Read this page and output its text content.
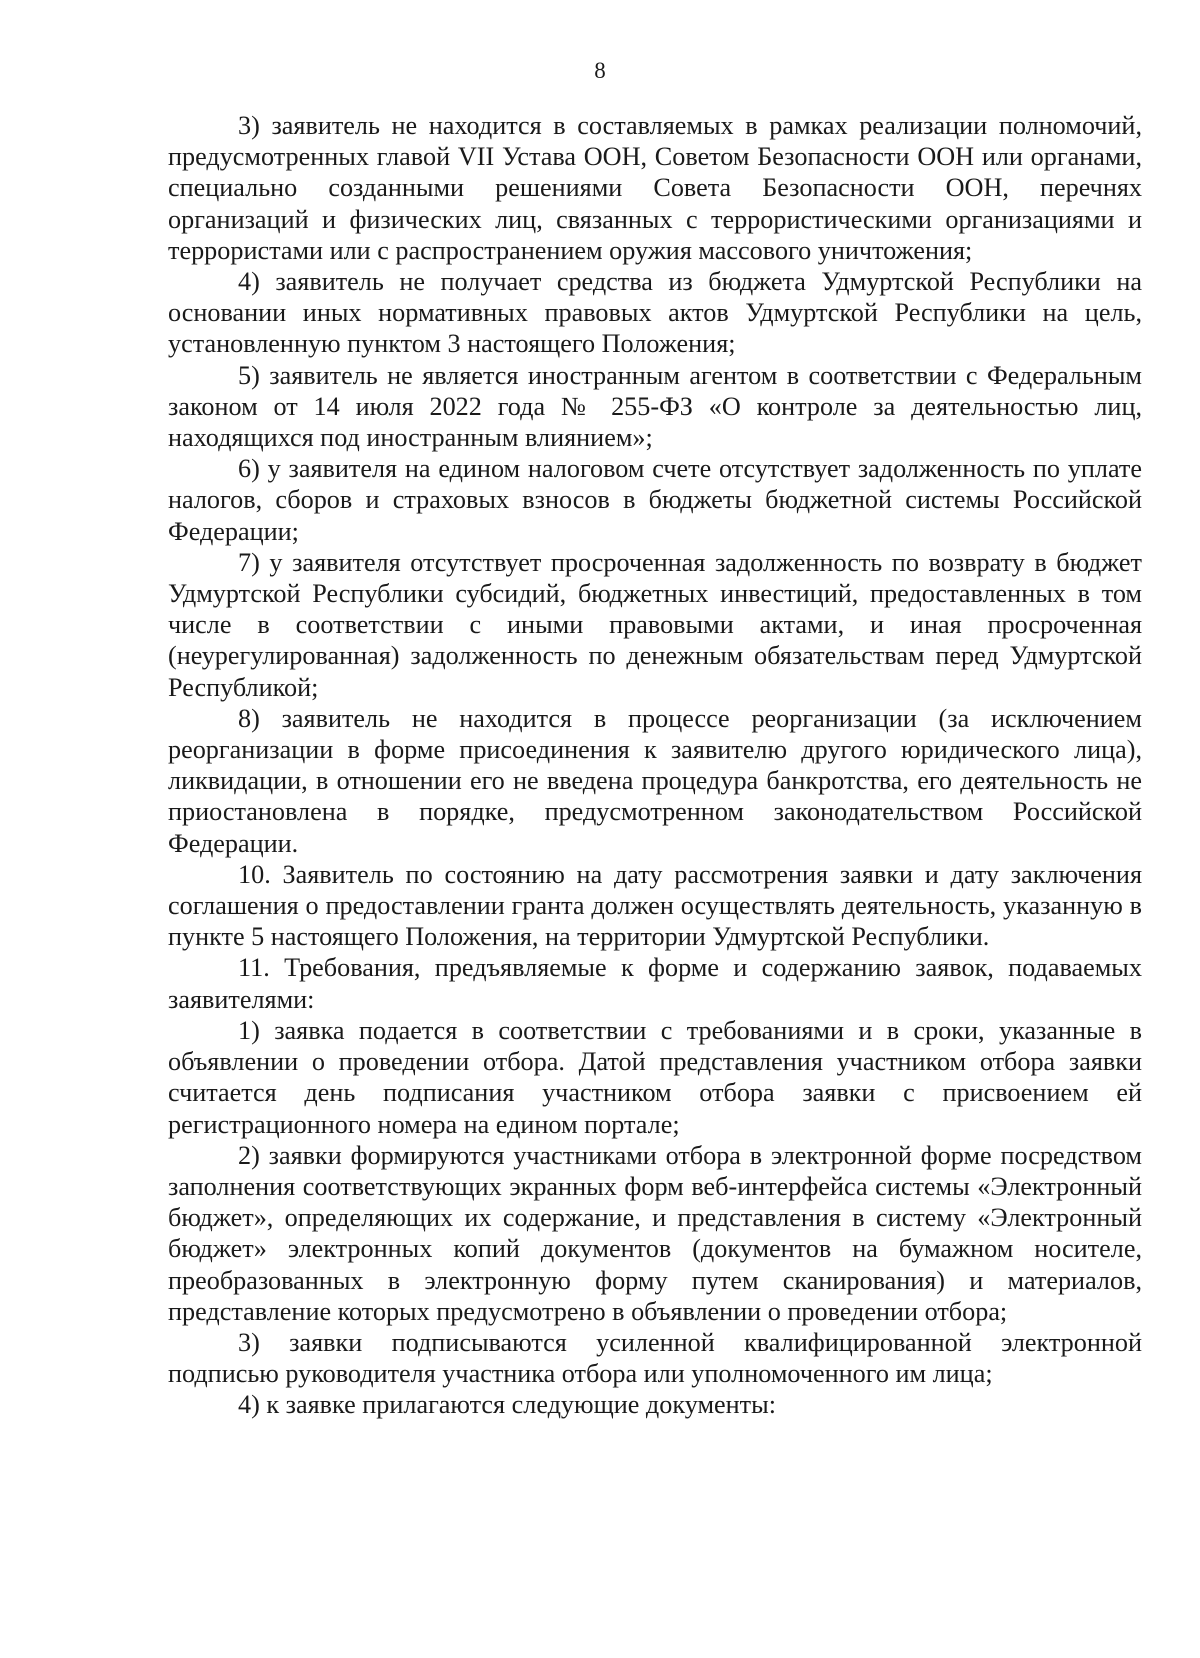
8

3) заявитель не находится в составляемых в рамках реализации полномочий, предусмотренных главой VII Устава ООН, Советом Безопасности ООН или органами, специально созданными решениями Совета Безопасности ООН, перечнях организаций и физических лиц, связанных с террористическими организациями и террористами или с распространением оружия массового уничтожения;

4) заявитель не получает средства из бюджета Удмуртской Республики на основании иных нормативных правовых актов Удмуртской Республики на цель, установленную пунктом 3 настоящего Положения;

5) заявитель не является иностранным агентом в соответствии с Федеральным законом от 14 июля 2022 года № 255-ФЗ «О контроле за деятельностью лиц, находящихся под иностранным влиянием»;

6) у заявителя на едином налоговом счете отсутствует задолженность по уплате налогов, сборов и страховых взносов в бюджеты бюджетной системы Российской Федерации;

7) у заявителя отсутствует просроченная задолженность по возврату в бюджет Удмуртской Республики субсидий, бюджетных инвестиций, предоставленных в том числе в соответствии с иными правовыми актами, и иная просроченная (неурегулированная) задолженность по денежным обязательствам перед Удмуртской Республикой;

8) заявитель не находится в процессе реорганизации (за исключением реорганизации в форме присоединения к заявителю другого юридического лица), ликвидации, в отношении его не введена процедура банкротства, его деятельность не приостановлена в порядке, предусмотренном законодательством Российской Федерации.

10. Заявитель по состоянию на дату рассмотрения заявки и дату заключения соглашения о предоставлении гранта должен осуществлять деятельность, указанную в пункте 5 настоящего Положения, на территории Удмуртской Республики.

11. Требования, предъявляемые к форме и содержанию заявок, подаваемых заявителями:

1) заявка подается в соответствии с требованиями и в сроки, указанные в объявлении о проведении отбора. Датой представления участником отбора заявки считается день подписания участником отбора заявки с присвоением ей регистрационного номера на едином портале;

2) заявки формируются участниками отбора в электронной форме посредством заполнения соответствующих экранных форм веб-интерфейса системы «Электронный бюджет», определяющих их содержание, и представления в систему «Электронный бюджет» электронных копий документов (документов на бумажном носителе, преобразованных в электронную форму путем сканирования) и материалов, представление которых предусмотрено в объявлении о проведении отбора;

3) заявки подписываются усиленной квалифицированной электронной подписью руководителя участника отбора или уполномоченного им лица;

4) к заявке прилагаются следующие документы:
